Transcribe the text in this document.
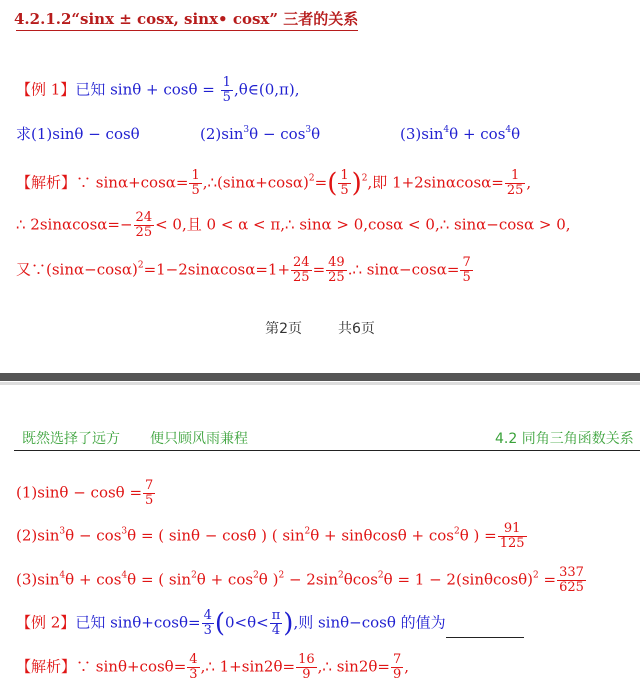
4.2.1.2“sinx ± cosx, sinx• cosx” 三者的关系
【例 1】已知 $\sin\theta + \cos\theta = \frac{1}{5}$ ,θ∈(0,π),
求(1)sinθ − cosθ	$(2)\sin^3\theta - \cos^3\theta$	$(3)\sin^4\theta + \cos^4\theta$
【解析】∵ $\sin\alpha+\cos\alpha= \frac{1}{5}$ $,\therefore(\sin\alpha+\cos\alpha)^2=( \frac{1}{5} )^2$,即 $1+2\sin\alpha\cos\alpha= \frac{1}{25}$ ,
∴ $2\sin\alpha\cos\alpha=- \frac{24}{25} < 0$,且 0 < α < π,∴ sinα > 0,cosα < 0,∴ sinα−cosα > 0,
又$\because(\sin\alpha-\cos\alpha)^2=1-2\sin\alpha\cos\alpha=1+ \frac{24}{25} = \frac{49}{25}$ .∴ $\sin\alpha-\cos\alpha= \frac{7}{5}$
第2页	共6页
既然选择了远方 便只顾风雨兼程	4.2 同角三角函数关系
$(1)\sin\theta - \cos\theta = \frac{7}{5}$
$(2)\sin^3\theta - \cos^3\theta$ = ( sinθ − cosθ ) ( $\sin^2\theta + \sin\theta\cos\theta + \cos^2\theta$ ) = $\frac{91}{125}$
$(3)\sin^4\theta + \cos^4\theta$ = ( $\sin^2\theta + \cos^2\theta$ )$^2 - 2\sin^2\theta\cos^2\theta = 1 - 2(\sin\theta\cos\theta)^2 = \frac{337}{625}$
【例 2】已知 $\sin\theta+\cos\theta= \frac{4}{3} (0<\theta< \frac{\pi}{4}$ ),则 sinθ−cosθ 的值为
【解析】∵ $\sin\theta+\cos\theta= \frac{4}{3}$ ,∴ $1+\sin 2\theta= \frac{16}{9}$ ,∴ $\sin 2\theta= \frac{7}{9}$ ,
